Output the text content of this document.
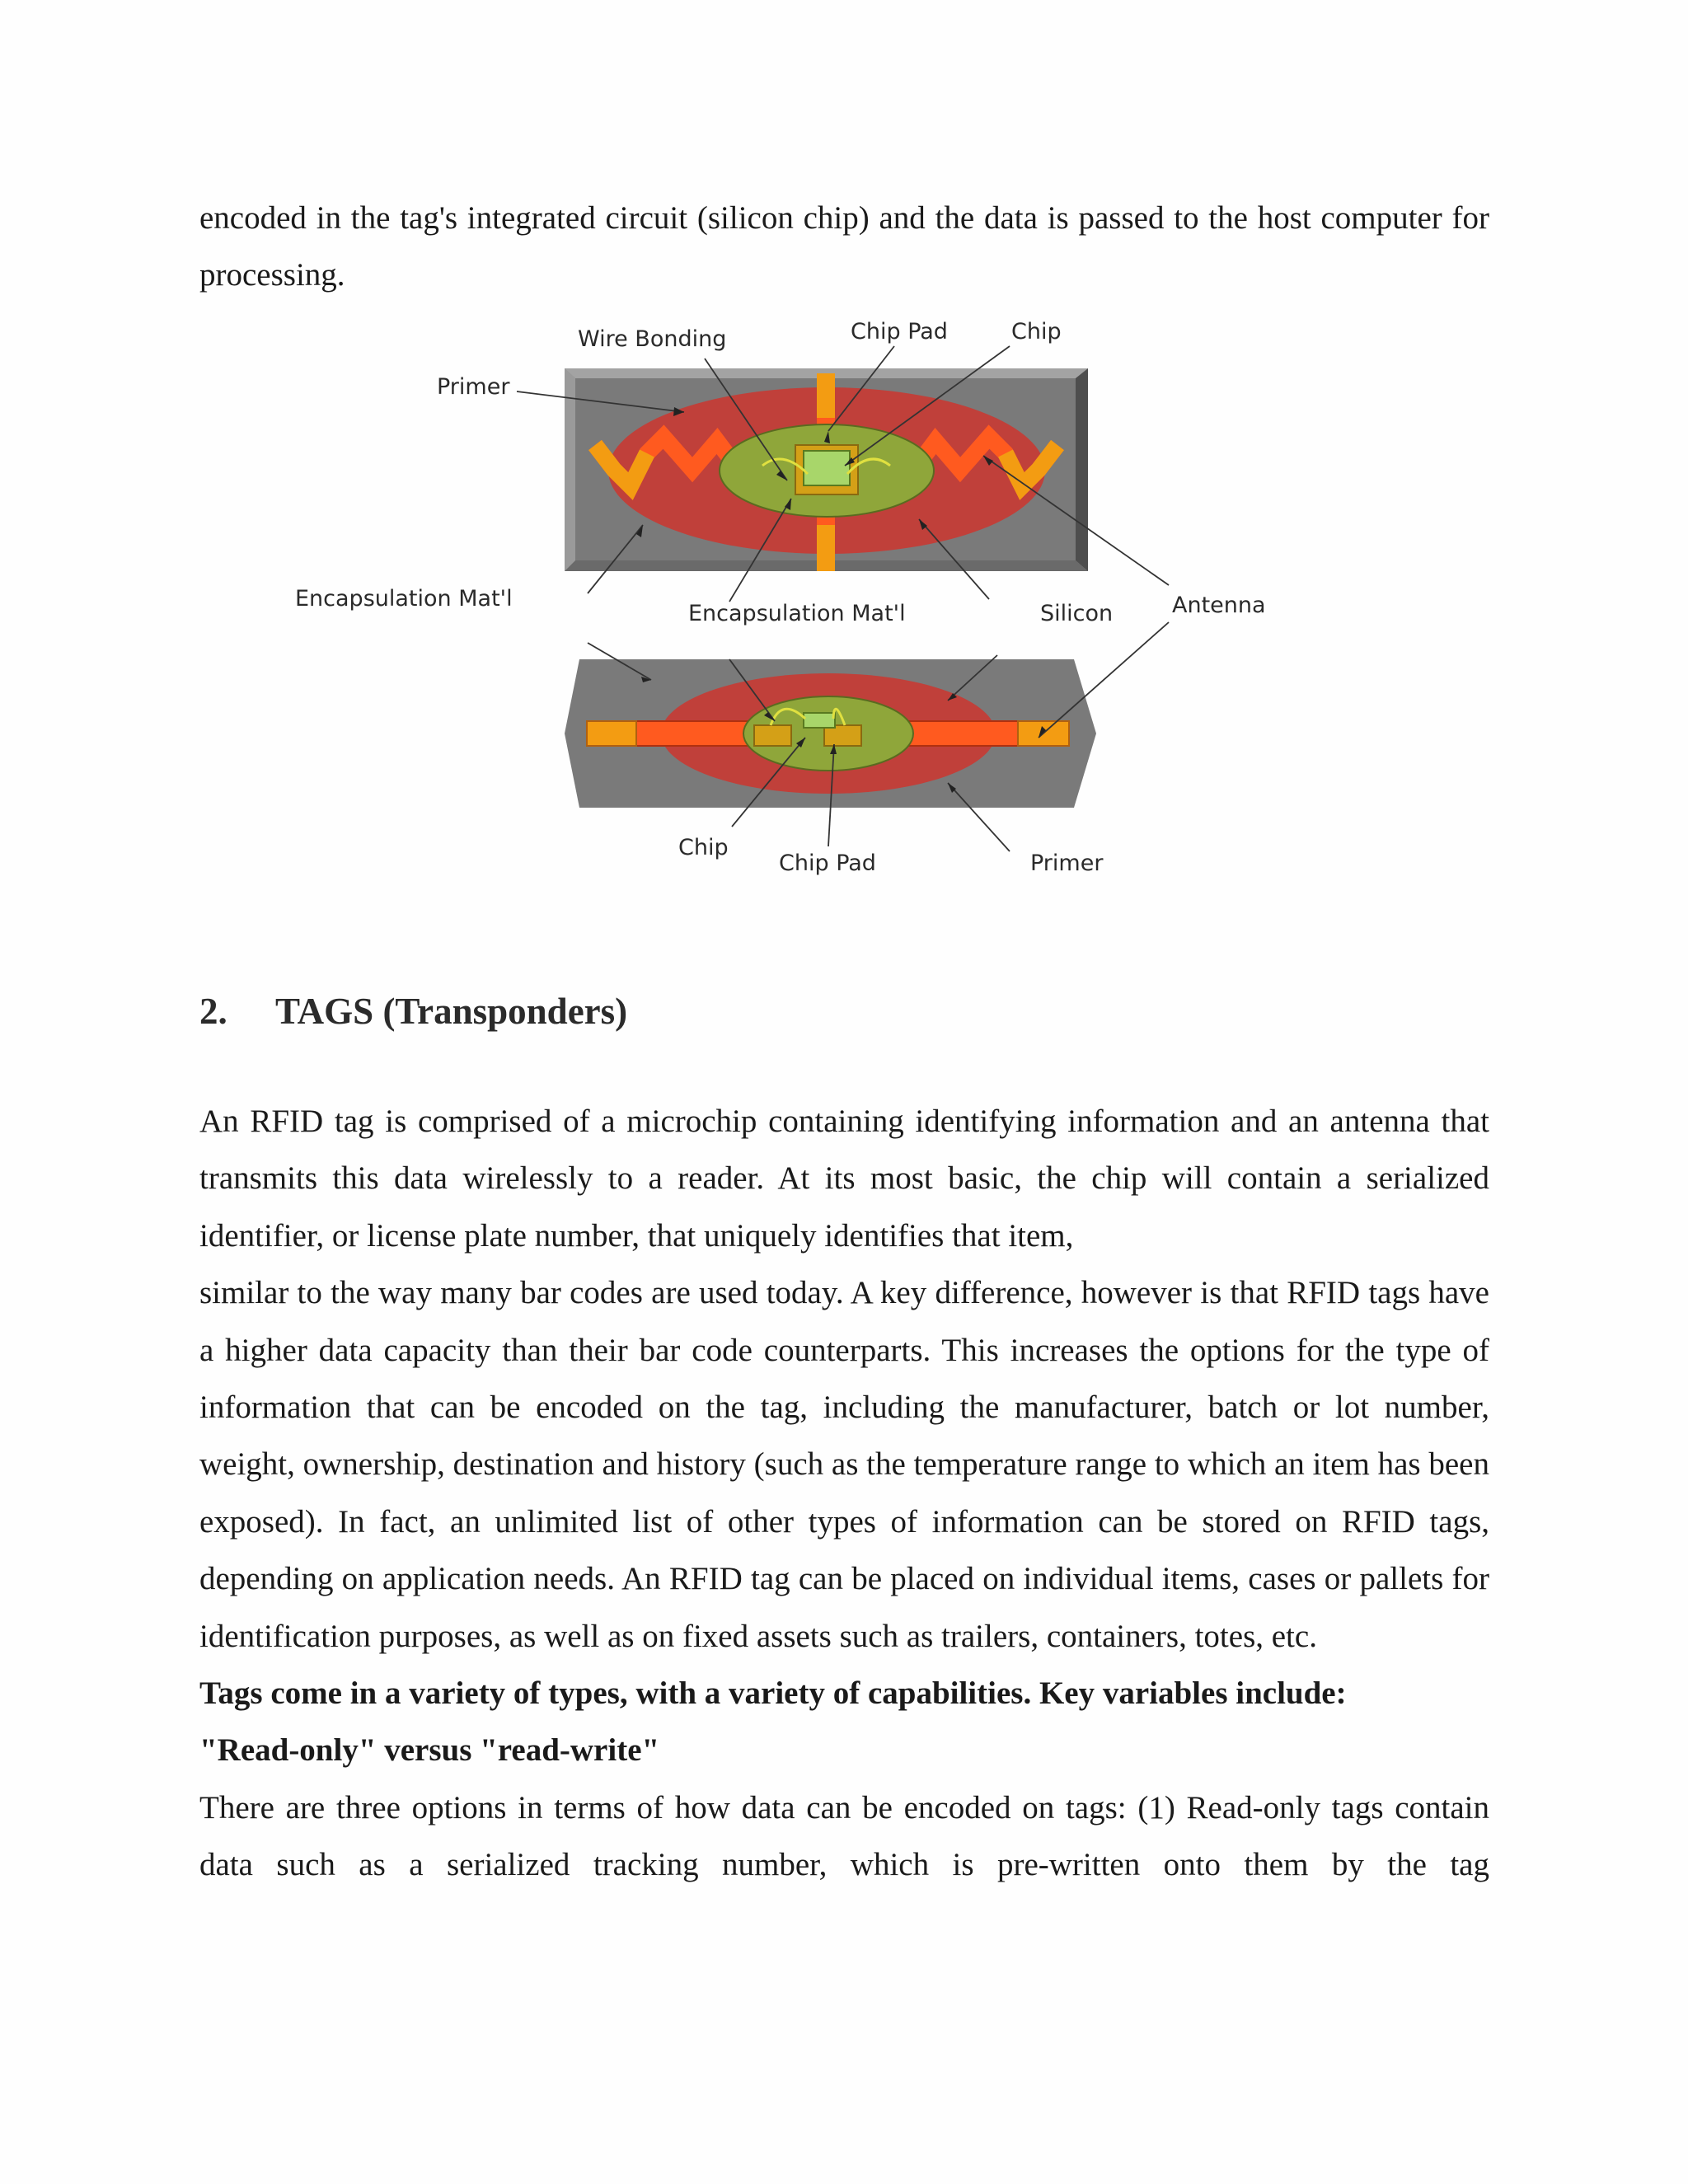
encoded in the tag's integrated circuit (silicon chip) and the data is passed to the host computer for processing.

Wire Bonding	Chip Pad	Chip
Primer
Encapsulation Mat'l
Encapsulation Mat'l	Silicon	Antenna
Chip
Chip Pad	Primer
2. TAGS (Transponders)

An RFID tag is comprised of a microchip containing identifying information and an antenna that transmits this data wirelessly to a reader. At its most basic, the chip will contain a serialized identifier, or license plate number, that uniquely identifies that item,

similar to the way many bar codes are used today. A key difference, however is that RFID tags have a higher data capacity than their bar code counterparts. This increases the options for the type of information that can be encoded on the tag, including the manufacturer, batch or lot number, weight, ownership, destination and history (such as the temperature range to which an item has been exposed). In fact, an unlimited list of other types of information can be stored on RFID tags, depending on application needs. An RFID tag can be placed on individual items, cases or pallets for identification purposes, as well as on fixed assets such as trailers, containers, totes, etc.

Tags come in a variety of types, with a variety of capabilities. Key variables include:

"Read-only" versus "read-write"

There are three options in terms of how data can be encoded on tags: (1) Read-only tags contain data such as a serialized tracking number, which is pre-written onto them by the tag
